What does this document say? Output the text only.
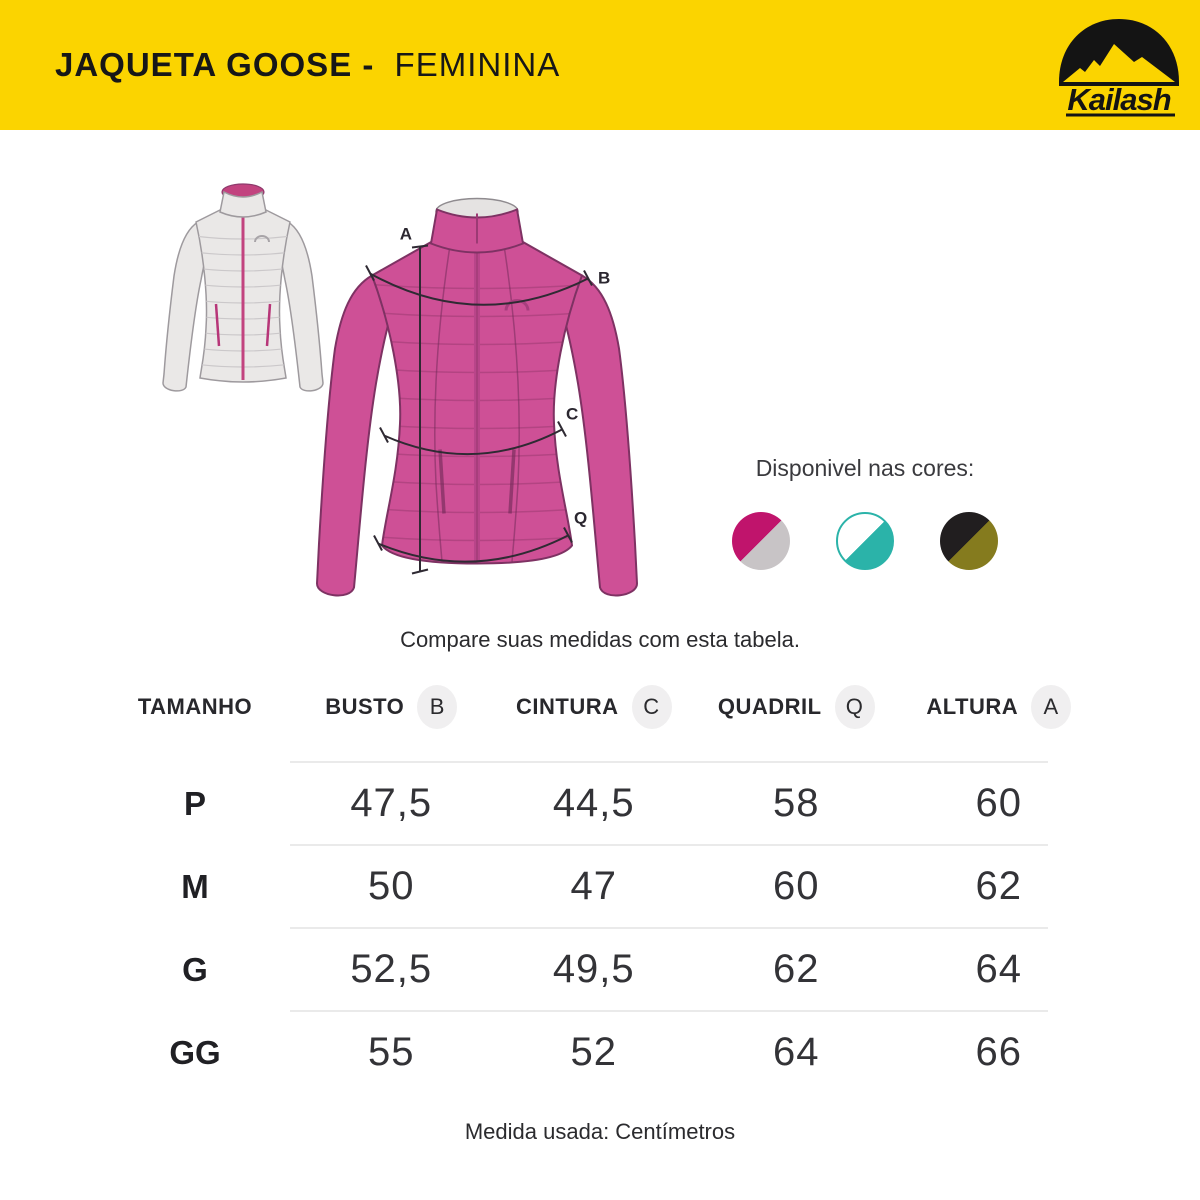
JAQUETA GOOSE - FEMININA
Kailash
A
B
C
Q
Disponivel nas cores:
Compare suas medidas com esta tabela.
TAMANHO	BUSTO	B	CINTURA	C	QUADRIL	Q	ALTURA	A
P	47,5	44,5	58	60
M	50	47	60	62
G	52,5	49,5	62	64
GG	55	52	64	66
Medida usada: Centímetros
